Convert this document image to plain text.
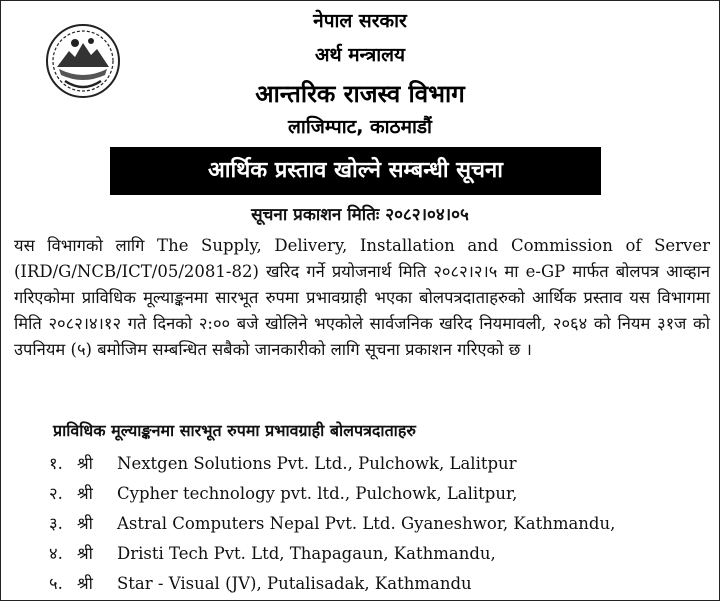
नेपाल सरकार
अर्थ मन्त्रालय
आन्तरिक राजस्व विभाग
लाजिम्पाट, काठमाडौं
आर्थिक प्रस्ताव खोल्ने सम्बन्धी सूचना
सूचना प्रकाशन मितिः २०८२।०४।०५
यस विभागको लागि The Supply, Delivery, Installation and Commission of Server (IRD/G/NCB/ICT/05/2081-82) खरिद गर्ने प्रयोजनार्थ मिति २०८२।२।५ मा e-GP मार्फत बोलपत्र आव्हान गरिएकोमा प्राविधिक मूल्याङ्कनमा सारभूत रुपमा प्रभावग्राही भएका बोलपत्रदाताहरुको आर्थिक प्रस्ताव यस विभागमा मिति २०८२।४।१२ गते दिनको २:०० बजे खोलिने भएकोले सार्वजनिक खरिद नियमावली, २०६४ को नियम ३१ज को उपनियम (५) बमोजिम सम्बन्धित सबैको जानकारीको लागि सूचना प्रकाशन गरिएको छ ।
प्राविधिक मूल्याङ्कनमा सारभूत रुपमा प्रभावग्राही बोलपत्रदाताहरु
१. श्री Nextgen Solutions Pvt. Ltd., Pulchowk, Lalitpur
२. श्री Cypher technology pvt. ltd., Pulchowk, Lalitpur,
३. श्री Astral Computers Nepal Pvt. Ltd. Gyaneshwor, Kathmandu,
४. श्री Dristi Tech Pvt. Ltd, Thapagaun, Kathmandu,
५. श्री Star - Visual (JV), Putalisadak, Kathmandu
